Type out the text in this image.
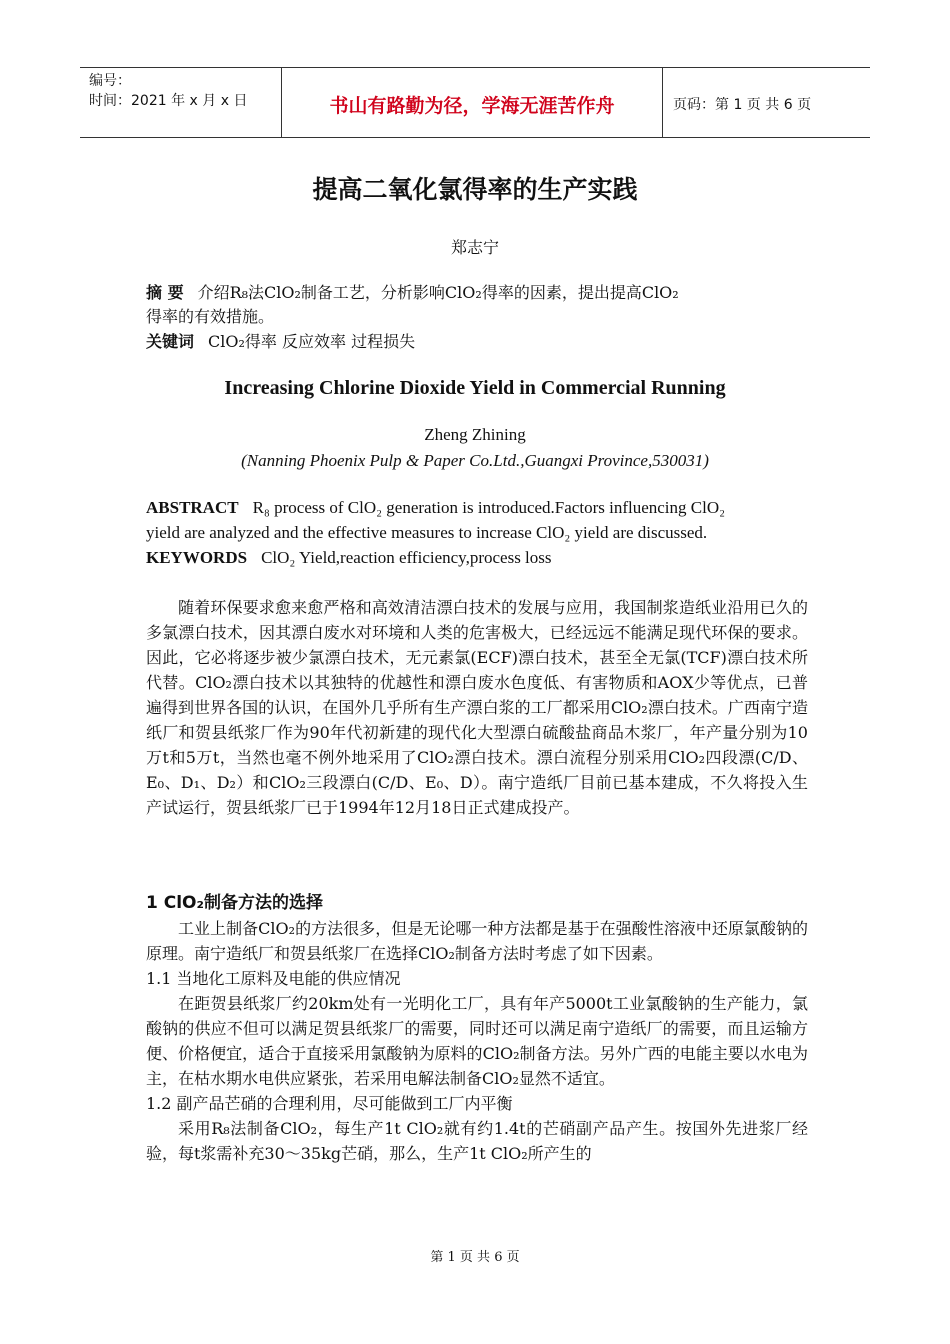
编号：
时间：2021 年 x 月 x 日	书山有路勤为径，学海无涯苦作舟	页码：第 1 页 共 6 页
提高二氧化氯得率的生产实践
郑志宁
摘 要 介绍R₈法ClO₂制备工艺，分析影响ClO₂得率的因素，提出提高ClO₂
得率的有效措施。
关键词 ClO₂得率 反应效率 过程损失
Increasing Chlorine Dioxide Yield in Commercial Running
Zheng Zhining
(Nanning Phoenix Pulp & Paper Co.Ltd.,Guangxi Province,530031)
ABSTRACT R₈ process of ClO₂ generation is introduced.Factors influencing ClO₂
yield are analyzed and the effective measures to increase ClO₂ yield are discussed.
KEYWORDS ClO₂ Yield,reaction efficiency,process loss

随着环保要求愈来愈严格和高效清洁漂白技术的发展与应用，我国制浆造纸业沿用已久的多氯漂白技术，因其漂白废水对环境和人类的危害极大，已经远远不能满足现代环保的要求。因此，它必将逐步被少氯漂白技术，无元素氯(ECF)漂白技术，甚至全无氯(TCF)漂白技术所代替。ClO₂漂白技术以其独特的优越性和漂白废水色度低、有害物质和AOX少等优点，已普遍得到世界各国的认识，在国外几乎所有生产漂白浆的工厂都采用ClO₂漂白技术。广西南宁造纸厂和贺县纸浆厂作为90年代初新建的现代化大型漂白硫酸盐商品木浆厂，年产量分别为10万t和5万t，当然也毫不例外地采用了ClO₂漂白技术。漂白流程分别采用ClO₂四段漂(C/D、E₀、D₁、D₂）和ClO₂三段漂白(C/D、E₀、D）。南宁造纸厂目前已基本建成，不久将投入生产试运行，贺县纸浆厂已于1994年12月18日正式建成投产。

1 ClO₂制备方法的选择

工业上制备ClO₂的方法很多，但是无论哪一种方法都是基于在强酸性溶液中还原氯酸钠的原理。南宁造纸厂和贺县纸浆厂在选择ClO₂制备方法时考虑了如下因素。

1.1 当地化工原料及电能的供应情况

在距贺县纸浆厂约20km处有一光明化工厂，具有年产5000t工业氯酸钠的生产能力，氯酸钠的供应不但可以满足贺县纸浆厂的需要，同时还可以满足南宁造纸厂的需要，而且运输方便、价格便宜，适合于直接采用氯酸钠为原料的ClO₂制备方法。另外广西的电能主要以水电为主，在枯水期水电供应紧张，若采用电解法制备ClO₂显然不适宜。

1.2 副产品芒硝的合理利用，尽可能做到工厂内平衡

采用R₈法制备ClO₂，每生产1t ClO₂就有约1.4t的芒硝副产品产生。按国外先进浆厂经验，每t浆需补充30～35kg芒硝，那么，生产1t ClO₂所产生的

第 1 页 共 6 页
